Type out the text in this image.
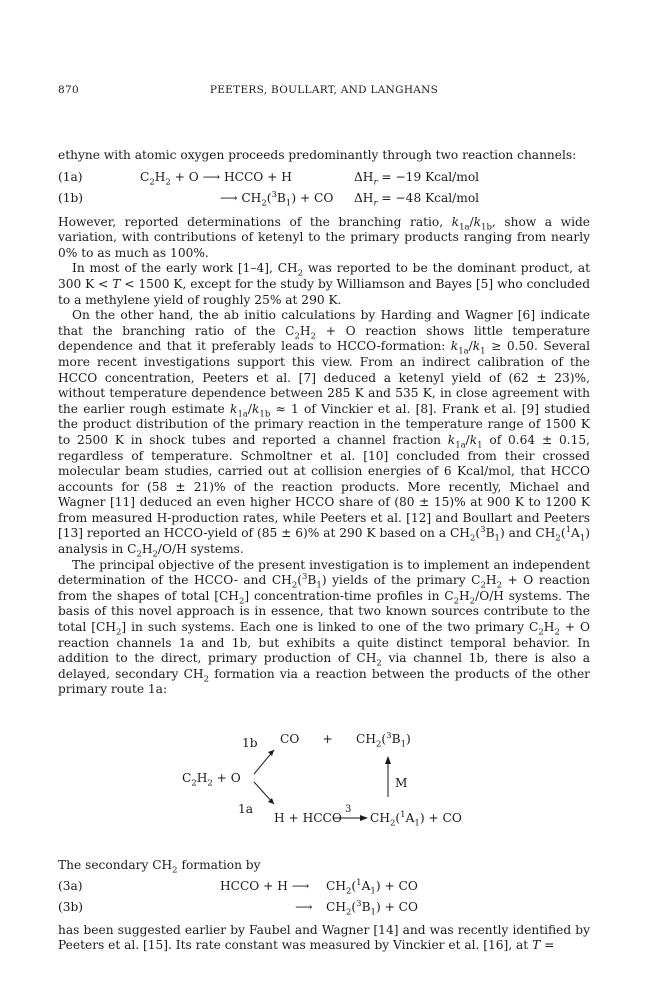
870	PEETERS, BOULLART, AND LANGHANS

ethyne with atomic oxygen proceeds predominantly through two reaction channels:

(1a)	$C_2H_2 + O$ ⟶ HCCO + H	$\Delta H_r = -19$ Kcal/mol
(1b)	⟶ $CH_2(^3B_1)$ + CO $\Delta H_r = -48$ Kcal/mol

However, reported determinations of the branching ratio, $k_{1a}/k_{1b}$, show a wide variation, with contributions of ketenyl to the primary products ranging from nearly 0% to as much as 100%.

In most of the early work [1–4], $CH_2$ was reported to be the dominant product, at 300 K < T < 1500 K, except for the study by Williamson and Bayes [5] who concluded to a methylene yield of roughly 25% at 290 K.

On the other hand, the ab initio calculations by Harding and Wagner [6] indicate that the branching ratio of the $C_2H_2 + O$ reaction shows little temperature dependence and that it preferably leads to HCCO-formation: $k_{1a}/k_1 \ge 0.50$. Several more recent investigations support this view. From an indirect calibration of the HCCO concentration, Peeters et al. [7] deduced a ketenyl yield of (62 ± 23)%, without temperature dependence between 285 K and 535 K, in close agreement with the earlier rough estimate $k_{1a}/k_{1b} \approx 1$ of Vinckier et al. [8]. Frank et al. [9] studied the product distribution of the primary reaction in the temperature range of 1500 K to 2500 K in shock tubes and reported a channel fraction $k_{1a}/k_1$ of 0.64 ± 0.15, regardless of temperature. Schmoltner et al. [10] concluded from their crossed molecular beam studies, carried out at collision energies of 6 Kcal/mol, that HCCO accounts for (58 ± 21)% of the reaction products. More recently, Michael and Wagner [11] deduced an even higher HCCO share of (80 ± 15)% at 900 K to 1200 K from measured H-production rates, while Peeters et al. [12] and Boullart and Peeters [13] reported an HCCO-yield of (85 ± 6)% at 290 K based on a $CH_2(^3B_1)$ and $CH_2(^1A_1)$ analysis in $C_2H_2/O/H$ systems.

The principal objective of the present investigation is to implement an independent determination of the HCCO- and $CH_2(^3B_1)$ yields of the primary $C_2H_2 + O$ reaction from the shapes of total $[CH_2]$ concentration-time profiles in $C_2H_2/O/H$ systems. The basis of this novel approach is in essence, that two known sources contribute to the total $[CH_2]$ in such systems. Each one is linked to one of the two primary $C_2H_2 + O$ reaction channels 1a and 1b, but exhibits a quite distinct temporal behavior. In addition to the direct, primary production of $CH_2$ via channel 1b, there is also a delayed, secondary $CH_2$ formation via a reaction between the products of the other primary route 1a:

$C_2H_2 + O$
1b CO      +      $CH_2(^3B_1)$
1a
H + HCCO
3
$CH_2(^1A_1)$ + CO
M

The secondary $CH_2$ formation by

(3a)	HCCO + H ⟶ $CH_2(^1A_1)$ + CO
(3b)	⟶ $CH_2(^3B_1)$ + CO

has been suggested earlier by Faubel and Wagner [14] and was recently identified by Peeters et al. [15]. Its rate constant was measured by Vinckier et al. [16], at T =
